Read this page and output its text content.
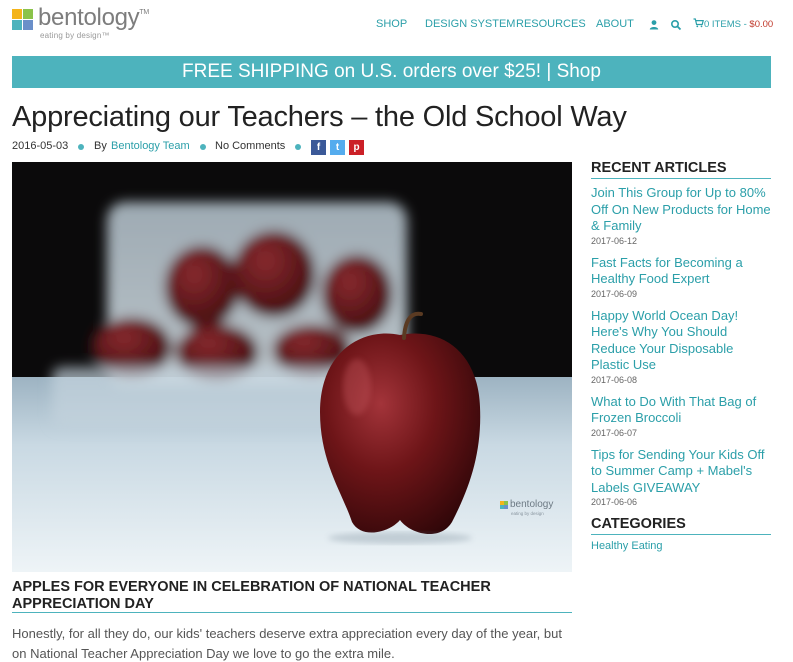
bentology™
eating by design™
SHOP DESIGN SYSTEM RESOURCES ABOUT	0 ITEMS - $0.00
FREE SHIPPING on U.S. orders over $25! | Shop
Appreciating our Teachers – the Old School Way
2016-05-03 By Bentology Team No Comments	f	t	p
bentology
eating by design
APPLES FOR EVERYONE IN CELEBRATION OF NATIONAL TEACHER APPRECIATION DAY

Honestly, for all they do, our kids' teachers deserve extra appreciation every day of the year, but on National Teacher Appreciation Day we love to go the extra mile.

RECENT ARTICLES
Join This Group for Up to 80% Off On New Products for Home & Family
2017-06-12
Fast Facts for Becoming a Healthy Food Expert
2017-06-09
Happy World Ocean Day! Here's Why You Should Reduce Your Disposable Plastic Use
2017-06-08
What to Do With That Bag of Frozen Broccoli
2017-06-07
Tips for Sending Your Kids Off to Summer Camp + Mabel's Labels GIVEAWAY
2017-06-06
CATEGORIES
Healthy Eating
